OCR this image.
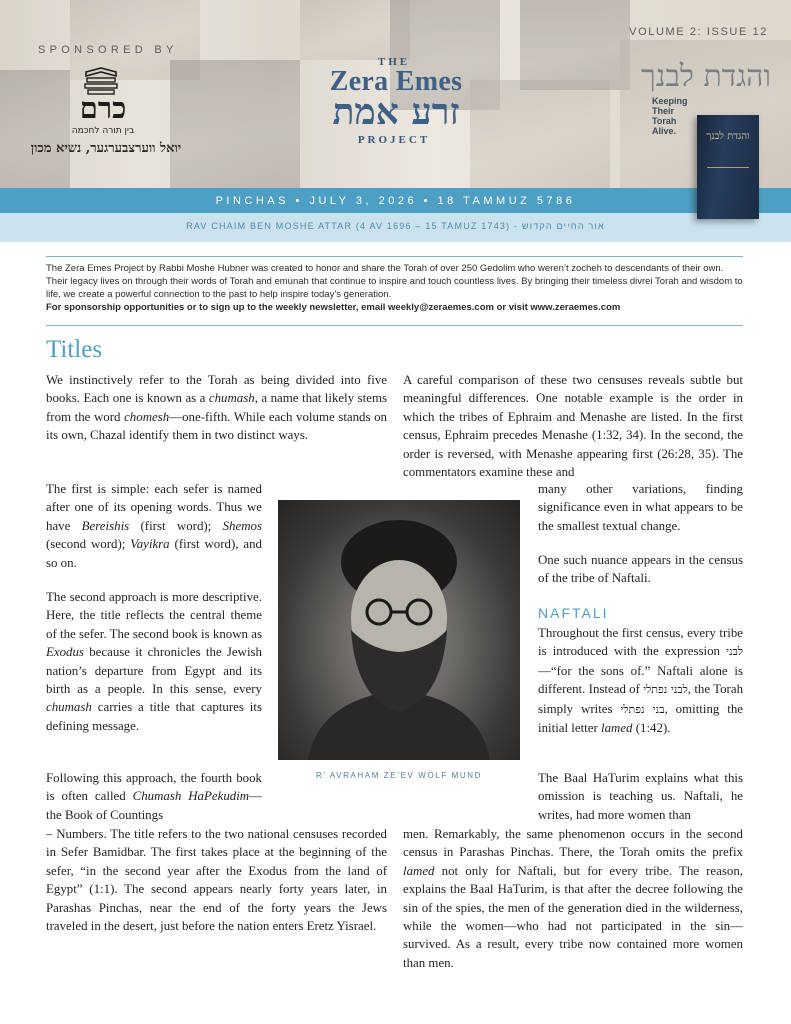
SPONSORED BY
כרם
בין תורה לחכמה
יואל ווערצבערגער, נשיא מכון
THE
Zera Emes
זרע אמת
PROJECT
VOLUME 2: ISSUE 12
והגדת לבנך
Keeping
Their
Torah Alive.	והגדת לבנך
PINCHAS • JULY 3, 2026 • 18 TAMMUZ 5786
RAV CHAIM BEN MOSHE ATTAR (4 AV 1696 – 15 TAMUZ 1743) - אור החיים הקדוש
The Zera Emes Project by Rabbi Moshe Hubner was created to honor and share the Torah of over 250 Gedolim who weren’t zocheh to descendants of their own. Their legacy lives on through their words of Torah and emunah that continue to inspire and touch countless lives. By bringing their timeless divrei Torah and wisdom to life, we create a powerful connection to the past to help inspire today’s generation.
For sponsorship opportunities or to sign up to the weekly newsletter, email weekly@zeraemes.com or visit www.zeraemes.com
Titles
We instinctively refer to the Torah as being divided into five books. Each one is known as a chumash, a name that likely stems from the word chomesh—one-fifth. While each volume stands on its own, Chazal identify them in two distinct ways.
The first is simple: each sefer is named after one of its opening words. Thus we have Bereishis (first word); Shemos (second word); Vayikra (first word), and so on.
The second approach is more descriptive. Here, the title reflects the central theme of the sefer. The second book is known as Exodus because it chronicles the Jewish nation’s departure from Egypt and its birth as a people. In this sense, every chumash carries a title that captures its defining message.
Following this approach, the fourth book is often called Chumash HaPekudim—the Book of Countings
– Numbers. The title refers to the two national censuses recorded in Sefer Bamidbar. The first takes place at the beginning of the sefer, “in the second year after the Exodus from the land of Egypt” (1:1). The second appears nearly forty years later, in Parashas Pinchas, near the end of the forty years the Jews traveled in the desert, just before the nation enters Eretz Yisrael.
A careful comparison of these two censuses reveals subtle but meaningful differences. One notable example is the order in which the tribes of Ephraim and Menashe are listed. In the first census, Ephraim precedes Menashe (1:32, 34). In the second, the order is reversed, with Menashe appearing first (26:28, 35). The commentators examine these and
many other variations, finding significance even in what appears to be the smallest textual change.
One such nuance appears in the census of the tribe of Naftali.
NAFTALI
Throughout the first census, every tribe is introduced with the expression לבני—“for the sons of.” Naftali alone is different. Instead of לבני נפתלי, the Torah simply writes בני נפתלי, omitting the initial letter lamed (1:42).
The Baal HaTurim explains what this omission is teaching us. Naftali, he writes, had more women than
men. Remarkably, the same phenomenon occurs in the second census in Parashas Pinchas. There, the Torah omits the prefix lamed not only for Naftali, but for every tribe. The reason, explains the Baal HaTurim, is that after the decree following the sin of the spies, the men of the generation died in the wilderness, while the women—who had not participated in the sin—survived. As a result, every tribe now contained more women than men.
R’ AVRAHAM ZE’EV WOLF MUND
